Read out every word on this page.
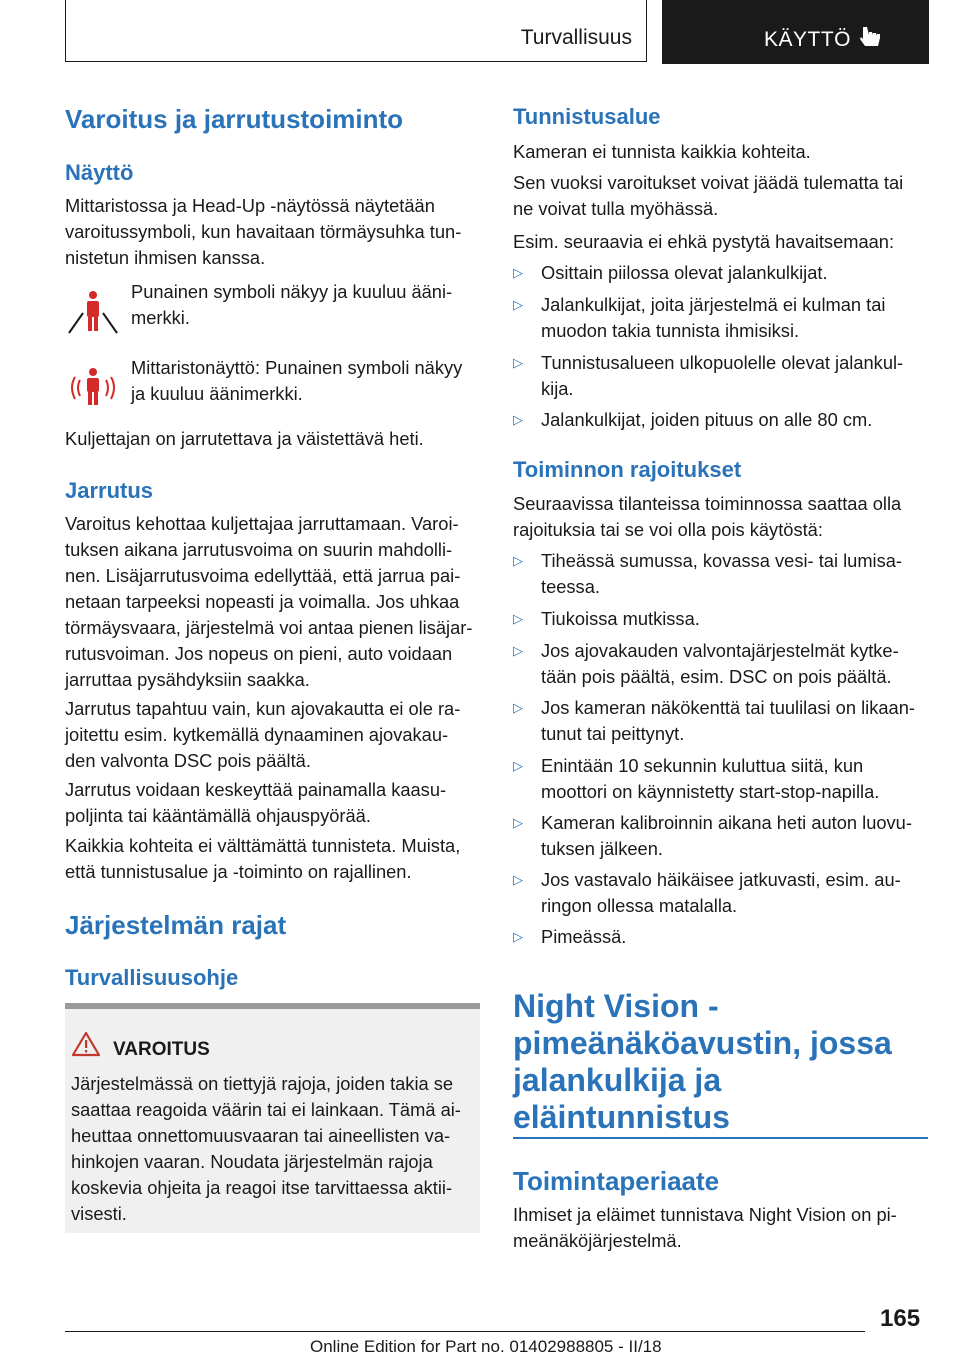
Turvallisuus	KÄYTTÖ
Varoitus ja jarrutustoiminto
Näyttö
Mittaristossa ja Head-Up -näytössä näytetään
varoitussymboli, kun havaitaan törmäysuhka tun-
nistetun ihmisen kanssa.
Punainen symboli näkyy ja kuuluu ääni-
merkki.
Mittaristonäyttö: Punainen symboli näkyy
ja kuuluu äänimerkki.
Kuljettajan on jarrutettava ja väistettävä heti.
Jarrutus
Varoitus kehottaa kuljettajaa jarruttamaan. Varoi-
tuksen aikana jarrutusvoima on suurin mahdolli-
nen. Lisäjarrutusvoima edellyttää, että jarrua pai-
netaan tarpeeksi nopeasti ja voimalla. Jos uhkaa
törmäysvaara, järjestelmä voi antaa pienen lisäjar-
rutusvoiman. Jos nopeus on pieni, auto voidaan
jarruttaa pysähdyksiin saakka.
Jarrutus tapahtuu vain, kun ajovakautta ei ole ra-
joitettu esim. kytkemällä dynaaminen ajovakau-
den valvonta DSC pois päältä.
Jarrutus voidaan keskeyttää painamalla kaasu-
poljinta tai kääntämällä ohjauspyörää.
Kaikkia kohteita ei välttämättä tunnisteta. Muista,
että tunnistusalue ja -toiminto on rajallinen.
Järjestelmän rajat
Turvallisuusohje
VAROITUS
Järjestelmässä on tiettyjä rajoja, joiden takia se
saattaa reagoida väärin tai ei lainkaan. Tämä ai-
heuttaa onnettomuusvaaran tai aineellisten va-
hinkojen vaaran. Noudata järjestelmän rajoja
koskevia ohjeita ja reagoi itse tarvittaessa aktii-
visesti.
Tunnistusalue
Kameran ei tunnista kaikkia kohteita.
Sen vuoksi varoitukset voivat jäädä tulematta tai
ne voivat tulla myöhässä.
Esim. seuraavia ei ehkä pystytä havaitsemaan:
▷ Osittain piilossa olevat jalankulkijat.
▷ Jalankulkijat, joita järjestelmä ei kulman tai
muodon takia tunnista ihmisiksi.
▷ Tunnistusalueen ulkopuolelle olevat jalankul-
kija.
▷ Jalankulkijat, joiden pituus on alle 80 cm.
Toiminnon rajoitukset
Seuraavissa tilanteissa toiminnossa saattaa olla
rajoituksia tai se voi olla pois käytöstä:
▷ Tiheässä sumussa, kovassa vesi- tai lumisa-
teessa.
▷ Tiukoissa mutkissa.
▷ Jos ajovakauden valvontajärjestelmät kytke-
tään pois päältä, esim. DSC on pois päältä.
▷ Jos kameran näkökenttä tai tuulilasi on likaan-
tunut tai peittynyt.
▷ Enintään 10 sekunnin kuluttua siitä, kun
moottori on käynnistetty start-stop-napilla.
▷ Kameran kalibroinnin aikana heti auton luovu-
tuksen jälkeen.
▷ Jos vastavalo häikäisee jatkuvasti, esim. au-
ringon ollessa matalalla.
▷ Pimeässä.
Night Vision -
pimeänäköavustin, jossa
jalankulkija ja
eläintunnistus
Toimintaperiaate
Ihmiset ja eläimet tunnistava Night Vision on pi-
meänäköjärjestelmä.
165
Online Edition for Part no. 01402988805 - II/18
